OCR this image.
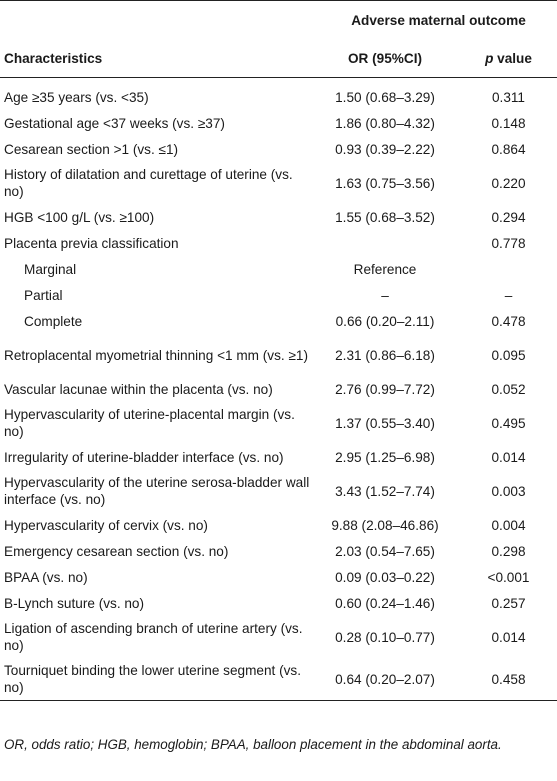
	Adverse maternal outcome	
Characteristics	OR (95%CI)	p value
Age ≥35 years (vs. <35)	1.50 (0.68–3.29)	0.311
Gestational age <37 weeks (vs. ≥37)	1.86 (0.80–4.32)	0.148
Cesarean section >1 (vs. ≤1)	0.93 (0.39–2.22)	0.864
History of dilatation and curettage of uterine (vs. no)	1.63 (0.75–3.56)	0.220
HGB <100 g/L (vs. ≥100)	1.55 (0.68–3.52)	0.294
Placenta previa classification		0.778
Marginal	Reference	
Partial	–	–
Complete	0.66 (0.20–2.11)	0.478
Retroplacental myometrial thinning <1 mm (vs. ≥1)	2.31 (0.86–6.18)	0.095
Vascular lacunae within the placenta (vs. no)	2.76 (0.99–7.72)	0.052
Hypervascularity of uterine-placental margin (vs. no)	1.37 (0.55–3.40)	0.495
Irregularity of uterine-bladder interface (vs. no)	2.95 (1.25–6.98)	0.014
Hypervascularity of the uterine serosa-bladder wall interface (vs. no)	3.43 (1.52–7.74)	0.003
Hypervascularity of cervix (vs. no)	9.88 (2.08–46.86)	0.004
Emergency cesarean section (vs. no)	2.03 (0.54–7.65)	0.298
BPAA (vs. no)	0.09 (0.03–0.22)	<0.001
B-Lynch suture (vs. no)	0.60 (0.24–1.46)	0.257
Ligation of ascending branch of uterine artery (vs. no)	0.28 (0.10–0.77)	0.014
Tourniquet binding the lower uterine segment (vs. no)	0.64 (0.20–2.07)	0.458
OR, odds ratio; HGB, hemoglobin; BPAA, balloon placement in the abdominal aorta.
